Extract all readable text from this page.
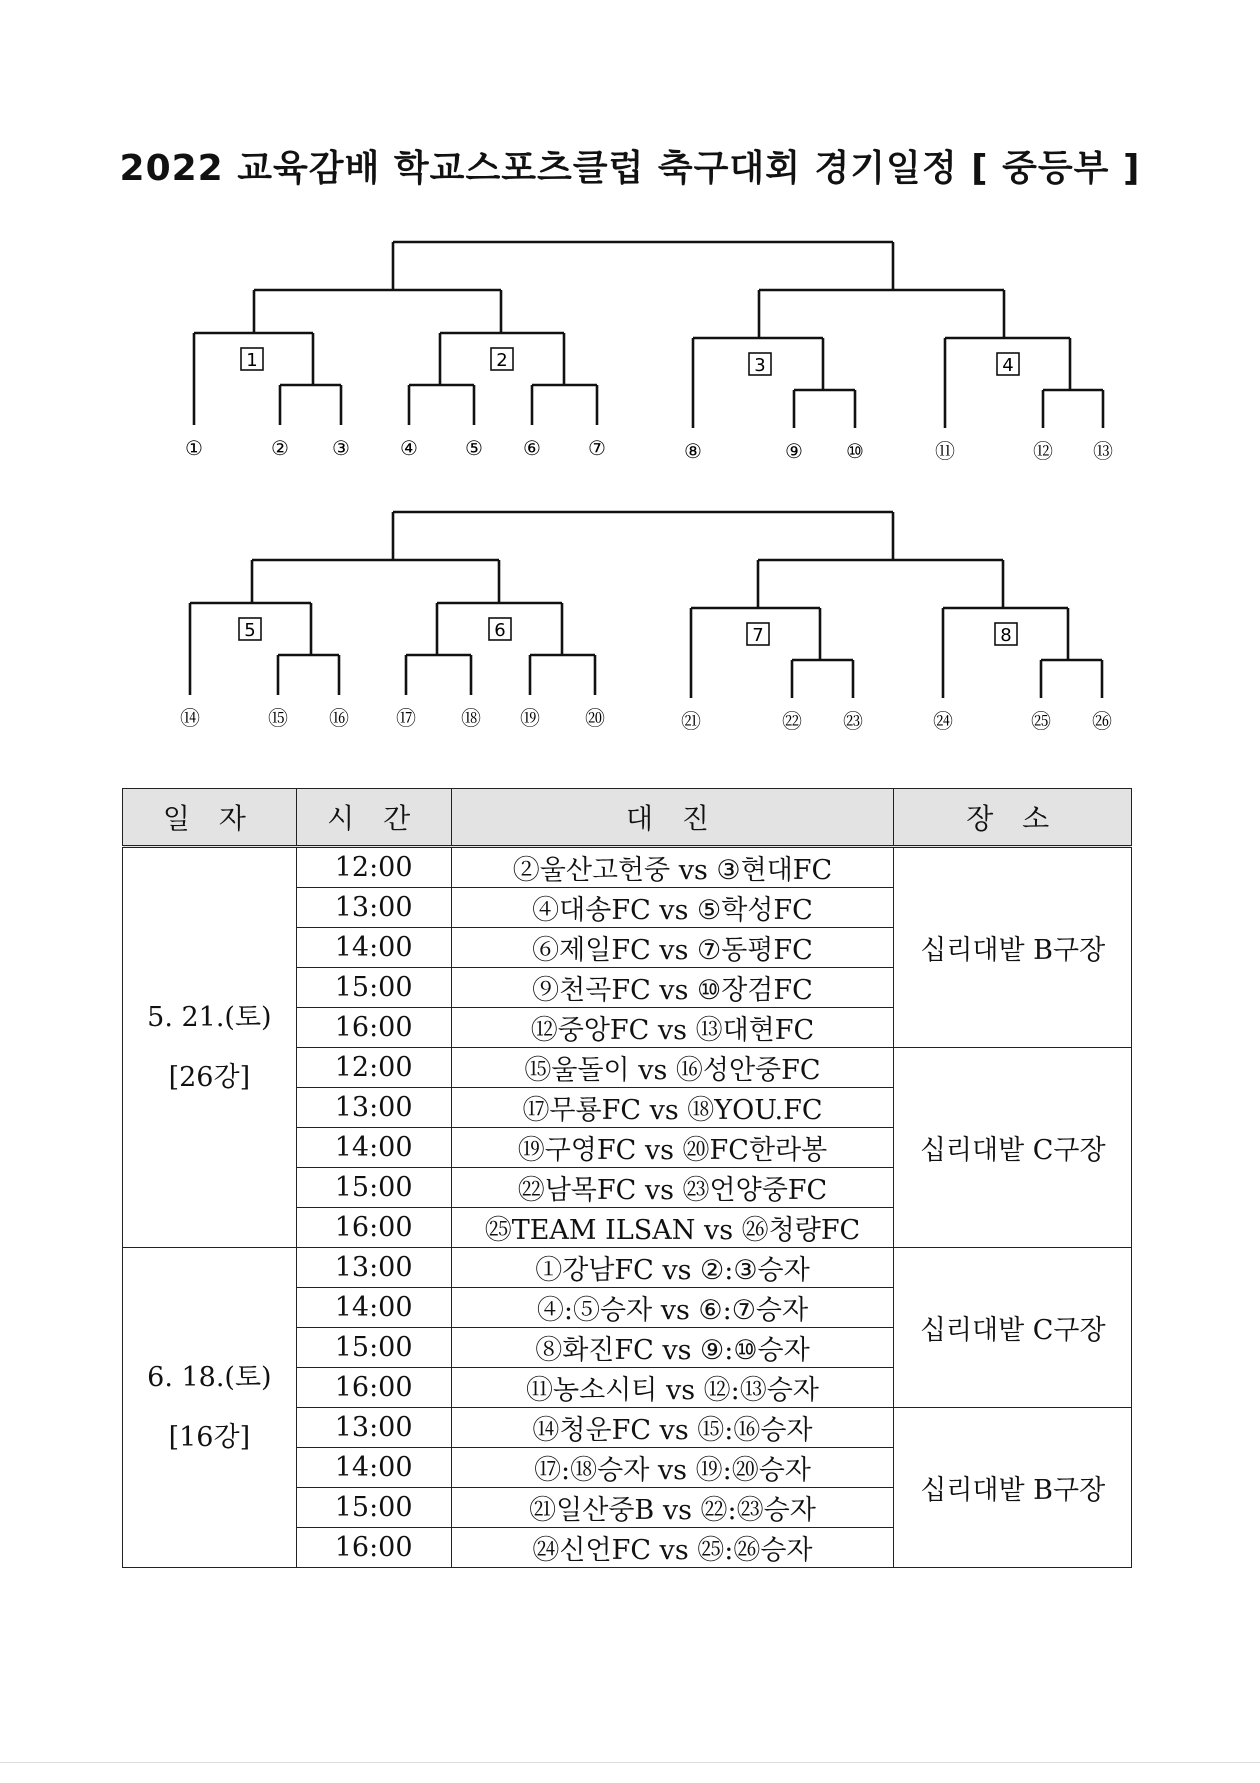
2022 교육감배 학교스포츠클럽 축구대회 경기일정 [ 중등부 ]
1	2	3	4
①	② ③	④ ⑤ ⑥ ⑦	⑧	⑨ ⑩	⑪	⑫ ⑬
5	6	7	8
⑭	⑮ ⑯ ⑰ ⑱ ⑲ ⑳	㉑	㉒ ㉓	㉔	㉕ ㉖
일 자	시 간	대 진	장 소

5. 21.(토)
[26강]	12:00	②울산고헌중 vs ③현대FC	십리대밭 B구장
	13:00	④대송FC vs ⑤학성FC	
	14:00	⑥제일FC vs ⑦동평FC	
	15:00	⑨천곡FC vs ⑩장검FC	
	16:00	⑫중앙FC vs ⑬대현FC	
	12:00	⑮울돌이 vs ⑯성안중FC	십리대밭 C구장
	13:00	⑰무룡FC vs ⑱YOU.FC	
	14:00	⑲구영FC vs ⑳FC한라봉	
	15:00	㉒남목FC vs ㉓언양중FC	
	16:00	㉕TEAM ILSAN vs ㉖청량FC	

6. 18.(토)
[16강]	13:00	①강남FC vs ②:③승자	십리대밭 C구장
	14:00	④:⑤승자 vs ⑥:⑦승자	
	15:00	⑧화진FC vs ⑨:⑩승자	
	16:00	⑪농소시티 vs ⑫:⑬승자	
	13:00	⑭청운FC vs ⑮:⑯승자	십리대밭 B구장
	14:00	⑰:⑱승자 vs ⑲:⑳승자	
	15:00	㉑일산중B vs ㉒:㉓승자	
	16:00	㉔신언FC vs ㉕:㉖승자	
